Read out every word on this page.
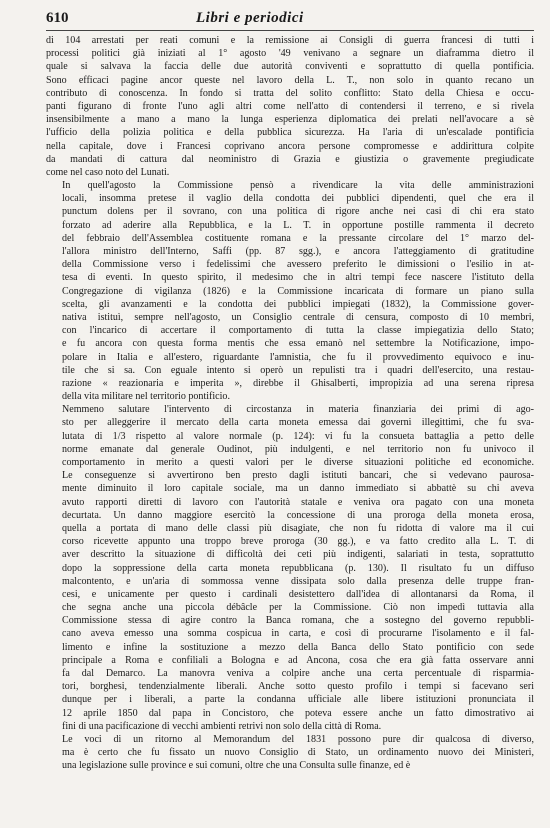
610	Libri e periodici
di 104 arrestati per reati comuni e la remissione ai Consigli di guerra francesi di tutti i
processi politici già iniziati al 1° agosto '49 venivano a segnare un diaframma dietro il
quale si salvava la faccia delle due autorità conviventi e soprattutto di quella pontificia.
Sono efficaci pagine ancor queste nel lavoro della L. T., non solo in quanto recano un
contributo di conoscenza. In fondo si tratta del solito conflitto: Stato della Chiesa e occu-
panti figurano di fronte l'uno agli altri come nell'atto di contendersi il terreno, e si rivela
insensibilmente a mano a mano la lunga esperienza diplomatica dei prelati nell'avocare a sè
l'ufficio della polizia politica e della pubblica sicurezza. Ha l'aria di un'escalade pontificia
nella capitale, dove i Francesi coprivano ancora persone compromesse e addirittura colpite
da mandati di cattura dal neoministro di Grazia e giustizia o gravemente pregiudicate
come nel caso noto del Lunati.
In quell'agosto la Commissione pensò a rivendicare la vita delle amministrazioni
locali, insomma pretese il vaglio della condotta dei pubblici dipendenti, quel che era il
punctum dolens per il sovrano, con una politica di rigore anche nei casi di chi era stato
forzato ad aderire alla Repubblica, e la L. T. in opportune postille rammenta il decreto
del febbraio dell'Assemblea costituente romana e la pressante circolare del 1° marzo del-
l'allora ministro dell'Interno, Saffi (pp. 87 sgg.), e ancora l'atteggiamento di gratitudine
della Commissione verso i fedelissimi che avessero preferito le dimissioni o l'esilio in at-
tesa di eventi. In questo spirito, il medesimo che in altri tempi fece nascere l'istituto della
Congregazione di vigilanza (1826) e la Commissione incaricata di formare un piano sulla
scelta, gli avanzamenti e la condotta dei pubblici impiegati (1832), la Commissione gover-
nativa istituì, sempre nell'agosto, un Consiglio centrale di censura, composto di 10 membri,
con l'incarico di accertare il comportamento di tutta la classe impiegatizia dello Stato;
e fu ancora con questa forma mentis che essa emanò nel settembre la Notificazione, impo-
polare in Italia e all'estero, riguardante l'amnistia, che fu il provvedimento equivoco e inu-
tile che si sa. Con eguale intento si operò un repulisti tra i quadri dell'esercito, una restau-
razione « reazionaria e imperita », direbbe il Ghisalberti, impropizia ad una serena ripresa
della vita militare nel territorio pontificio.
Nemmeno salutare l'intervento di circostanza in materia finanziaria dei primi di ago-
sto per alleggerire il mercato della carta moneta emessa dai governi illegittimi, che fu sva-
lutata di 1/3 rispetto al valore normale (p. 124): vi fu la consueta battaglia a petto delle
norme emanate dal generale Oudinot, più indulgenti, e nel territorio non fu univoco il
comportamento in merito a questi valori per le diverse situazioni politiche ed economiche.
Le conseguenze si avvertirono ben presto dagli istituti bancari, che si vedevano paurosa-
mente diminuito il loro capitale sociale, ma un danno immediato si abbattè su chi aveva
avuto rapporti diretti di lavoro con l'autorità statale e veniva ora pagato con una moneta
decurtata. Un danno maggiore esercitò la concessione di una proroga della moneta erosa,
quella a portata di mano delle classi più disagiate, che non fu ridotta di valore ma il cui
corso ricevette appunto una troppo breve proroga (30 gg.), e va fatto credito alla L. T. di
aver descritto la situazione di difficoltà dei ceti più indigenti, salariati in testa, soprattutto
dopo la soppressione della carta moneta repubblicana (p. 130). Il risultato fu un diffuso
malcontento, e un'aria di sommossa venne dissipata solo dalla presenza delle truppe fran-
cesi, e unicamente per questo i cardinali desistettero dall'idea di allontanarsi da Roma, il
che segna anche una piccola débâcle per la Commissione. Ciò non impedì tuttavia alla
Commissione stessa di agire contro la Banca romana, che a sostegno del governo repubbli-
cano aveva emesso una somma cospicua in carta, e così di procurarne l'isolamento e il fal-
limento e infine la sostituzione a mezzo della Banca dello Stato pontificio con sede
principale a Roma e confiliali a Bologna e ad Ancona, cosa che era già fatta osservare anni
fa dal Demarco. La manovra veniva a colpire anche una certa percentuale di risparmia-
tori, borghesi, tendenzialmente liberali. Anche sotto questo profilo i tempi si facevano seri
dunque per i liberali, a parte la condanna ufficiale alle libere istituzioni pronunciata il
12 aprile 1850 dal papa in Concistoro, che poteva essere anche un fatto dimostrativo ai
fini di una pacificazione di vecchi ambienti retrivi non solo della città di Roma.
Le voci di un ritorno al Memorandum del 1831 possono pure dir qualcosa di diverso,
ma è certo che fu fissato un nuovo Consiglio di Stato, un ordinamento nuovo dei Ministeri,
una legislazione sulle province e sui comuni, oltre che una Consulta sulle finanze, ed è
